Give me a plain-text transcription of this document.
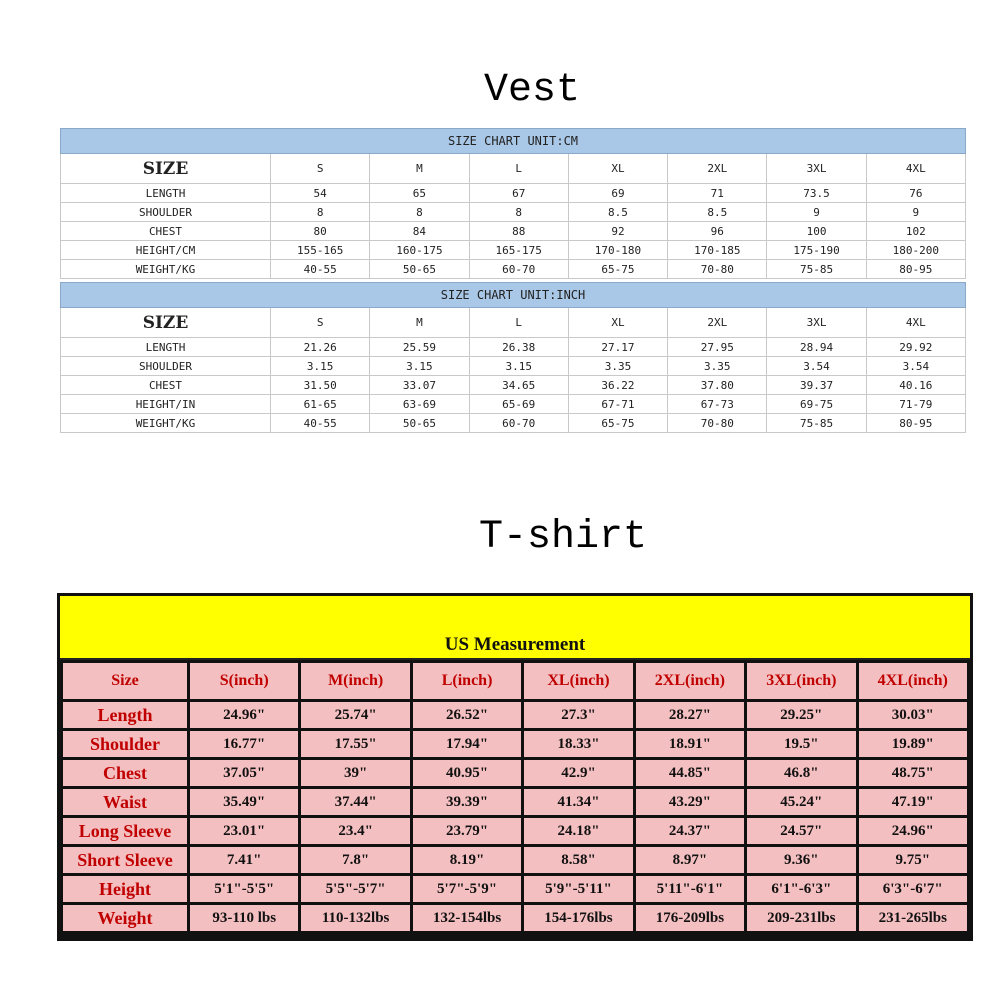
Vest
SIZE CHART UNIT:CM							
SIZE	S	M	L	XL	2XL	3XL	4XL
LENGTH	54	65	67	69	71	73.5	76
SHOULDER	8	8	8	8.5	8.5	9	9
CHEST	80	84	88	92	96	100	102
HEIGHT/CM	155-165	160-175	165-175	170-180	170-185	175-190	180-200
WEIGHT/KG	40-55	50-65	60-70	65-75	70-80	75-85	80-95
SIZE CHART UNIT:INCH							
SIZE	S	M	L	XL	2XL	3XL	4XL
LENGTH	21.26	25.59	26.38	27.17	27.95	28.94	29.92
SHOULDER	3.15	3.15	3.15	3.35	3.35	3.54	3.54
CHEST	31.50	33.07	34.65	36.22	37.80	39.37	40.16
HEIGHT/IN	61-65	63-69	65-69	67-71	67-73	69-75	71-79
WEIGHT/KG	40-55	50-65	60-70	65-75	70-80	75-85	80-95
T-shirt
US Measurement
Size	S(inch)	M(inch)	L(inch)	XL(inch)	2XL(inch)	3XL(inch)	4XL(inch)
Length	24.96"	25.74"	26.52"	27.3"	28.27"	29.25"	30.03"
Shoulder	16.77"	17.55"	17.94"	18.33"	18.91"	19.5"	19.89"
Chest	37.05"	39"	40.95"	42.9"	44.85"	46.8"	48.75"
Waist	35.49"	37.44"	39.39"	41.34"	43.29"	45.24"	47.19"
Long Sleeve	23.01"	23.4"	23.79"	24.18"	24.37"	24.57"	24.96"
Short Sleeve	7.41"	7.8"	8.19"	8.58"	8.97"	9.36"	9.75"
Height	5'1"-5'5"	5'5"-5'7"	5'7"-5'9"	5'9"-5'11"	5'11"-6'1"	6'1"-6'3"	6'3"-6'7"
Weight	93-110 lbs	110-132lbs	132-154lbs	154-176lbs	176-209lbs	209-231lbs	231-265lbs
